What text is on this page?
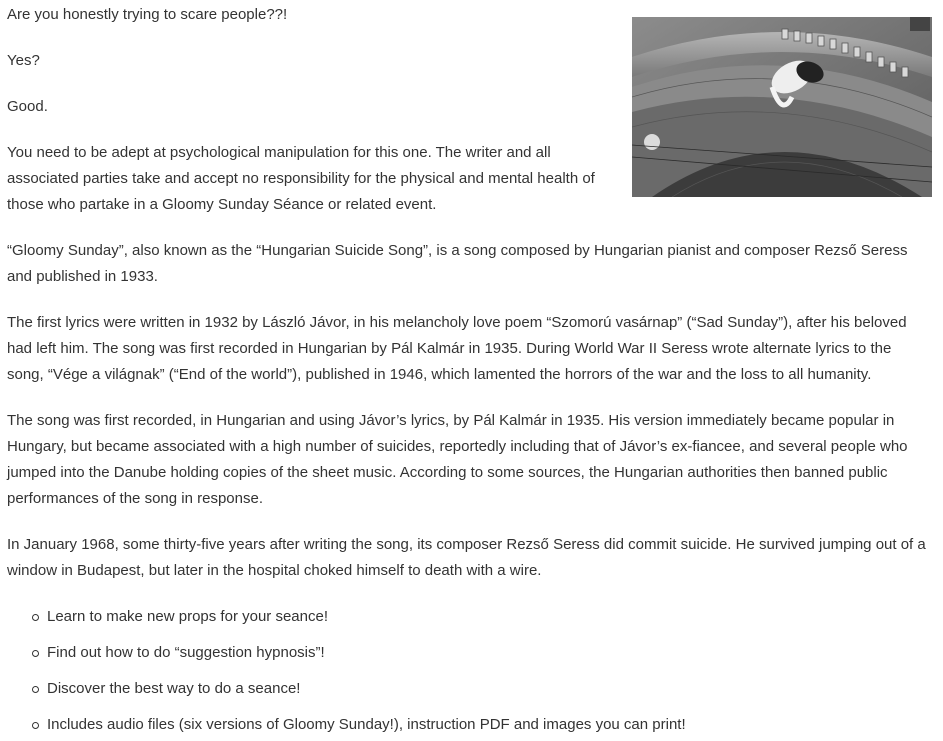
Are you honestly trying to scare people??!

Yes?

Good.

You need to be adept at psychological manipulation for this one. The writer and all associated parties take and accept no responsibility for the physical and mental health of those who partake in a Gloomy Sunday Séance or related event.

“Gloomy Sunday”, also known as the “Hungarian Suicide Song”, is a song composed by Hungarian pianist and composer Rezső Seress and published in 1933.

The first lyrics were written in 1932 by László Jávor, in his melancholy love poem “Szomorú vasárnap” (“Sad Sunday”), after his beloved had left him. The song was first recorded in Hungarian by Pál Kalmár in 1935. During World War II Seress wrote alternate lyrics to the song, “Vége a világnak” (“End of the world”), published in 1946, which lamented the horrors of the war and the loss to all humanity.

The song was first recorded, in Hungarian and using Jávor’s lyrics, by Pál Kalmár in 1935. His version immediately became popular in Hungary, but became associated with a high number of suicides, reportedly including that of Jávor’s ex-fiancee, and several people who jumped into the Danube holding copies of the sheet music. According to some sources, the Hungarian authorities then banned public performances of the song in response.

In January 1968, some thirty-five years after writing the song, its composer Rezső Seress did commit suicide. He survived jumping out of a window in Budapest, but later in the hospital choked himself to death with a wire.

Learn to make new props for your seance!
Find out how to do “suggestion hypnosis”!
Discover the best way to do a seance!
Includes audio files (six versions of Gloomy Sunday!), instruction PDF and images you can print!
